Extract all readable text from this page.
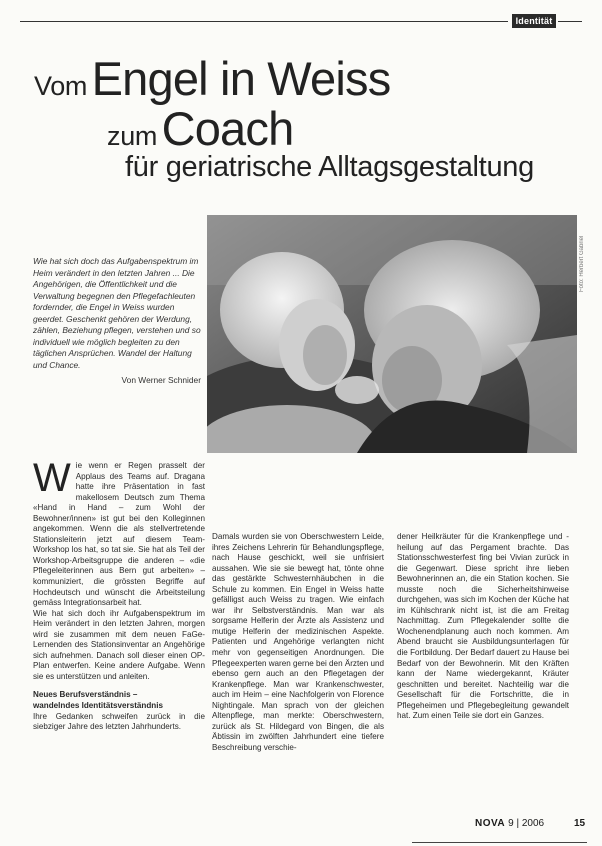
Identität
Vom Engel in Weiss
zum Coach
für geriatrische Alltagsgestaltung

Wie hat sich doch das Aufgabenspektrum im Heim verändert in den letzten Jahren ... Die Angehörigen, die Öffentlichkeit und die Verwaltung begegnen den Pflegefachleuten fordernder, die Engel in Weiss wurden geerdet. Geschenkt gehören der Werdung, zählen, Beziehung pflegen, verstehen und so individuell wie möglich begleiten zu den täglichen Ansprüchen. Wandel der Haltung und Chance.

Von Werner Schnider

Foto: Herbert Gabriel

Wie wenn er Regen prasselt der Applaus des Teams auf. Dragana hatte ihre Präsentation in fast makellosem Deutsch zum Thema «Hand in Hand – zum Wohl der Bewohner/innen» ist gut bei den Kolleginnen angekommen. Wenn die als stellvertretende Stationsleiterin jetzt auf diesem Team-Workshop los hat, so tat sie. Sie hat als Teil der Workshop-Arbeitsgruppe die anderen – «die Pflegeleiterinnen aus Bern gut arbeiten» – kommuniziert, die grössten Begriffe auf Hochdeutsch und wünscht die Arbeitsteilung gemäss Integrationsarbeit hat.

Wie hat sich doch ihr Aufgabenspektrum im Heim verändert in den letzten Jahren, morgen wird sie zusammen mit dem neuen FaGe-Lernenden des Stationsinventar an Angehörige sich aufnehmen. Danach soll dieser einen OP-Plan entwerfen. Keine andere Aufgabe. Wenn sie es unterstützen und anleiten.

Neues Berufsverständnis –

wandelndes Identitätsverständnis

Ihre Gedanken schweifen zurück in die siebziger Jahre des letzten Jahrhunderts.

Damals wurden sie von Oberschwestern Leide, ihres Zeichens Lehrerin für Behandlungspflege, nach Hause geschickt, weil sie unfrisiert aussahen. Wie sie sie bewegt hat, tönte ohne das gestärkte Schwesternhäubchen in die Schule zu kommen. Ein Engel in Weiss hatte gefälligst auch Weiss zu tragen. Wie einfach war ihr Selbstverständnis. Man war als sorgsame Helferin der Ärzte als Assistenz und mutige Helferin der medizinischen Aspekte. Patienten und Angehörige verlangten nicht mehr von gegenseitigen Anordnungen. Die Pflegeexperten waren gerne bei den Ärzten und ebenso gern auch an den Pflegetagen der Krankenpflege. Man war Krankenschwester, auch im Heim – eine Nachfolgerin von Florence Nightingale. Man sprach von der gleichen Altenpflege, man merkte: Oberschwestern, zurück als St. Hildegard von Bingen, die als Äbtissin im zwölften Jahrhundert eine tiefere Beschreibung verschie-

dener Heilkräuter für die Krankenpflege und -heilung auf das Pergament brachte. Das Stationsschwesterfest fing bei Vivian zurück in die Gegenwart. Diese spricht ihre lieben Bewohnerinnen an, die ein Station kochen. Sie musste noch die Sicherheitshinweise durchgehen, was sich im Kochen der Küche hat im Kühlschrank nicht ist, ist die am Freitag Nachmittag. Zum Pflegekalender sollte die Wochenendplanung auch noch kommen. Am Abend braucht sie Ausbildungsunterlagen für die Fortbildung. Der Bedarf dauert zu Hause bei Bedarf von der Bewohnerin. Mit den Kräften kann der Name wiedergekannt, Kräuter geschnitten und bereitet. Nachteilig war die Gesellschaft für die Fortschritte, die in Pflegeheimen und Pflegebegleitung gewandelt hat. Zum einen Teile sie dort ein Ganzes.

NOVA 9 | 2006	15
